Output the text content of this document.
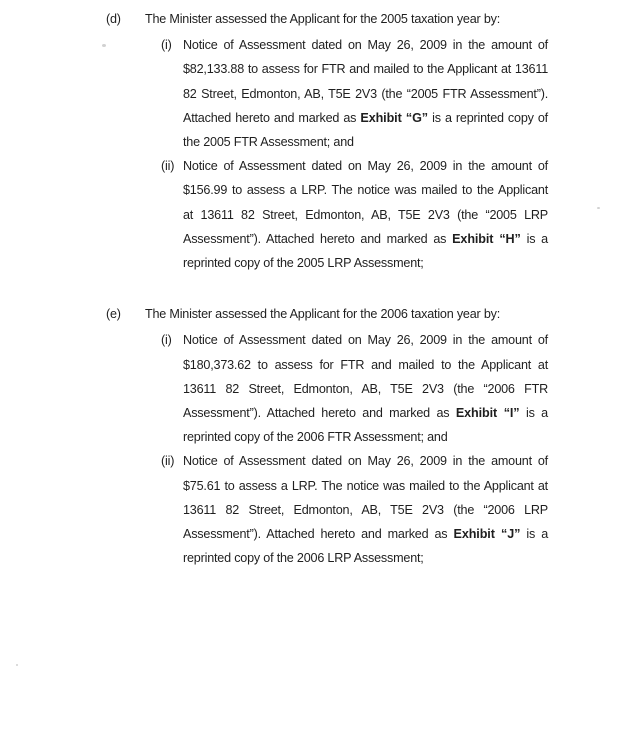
(d)	The Minister assessed the Applicant for the 2005 taxation year by:
(i) Notice of Assessment dated on May 26, 2009 in the amount of
$82,133.88 to assess for FTR and mailed to the Applicant at 13611
82 Street, Edmonton, AB, T5E 2V3 (the “2005 FTR Assessment”).
Attached hereto and marked as Exhibit “G” is a reprinted copy of
the 2005 FTR Assessment; and
(ii) Notice of Assessment dated on May 26, 2009 in the amount of
$156.99 to assess a LRP. The notice was mailed to the Applicant
at 13611 82 Street, Edmonton, AB, T5E 2V3 (the “2005 LRP
Assessment”). Attached hereto and marked as Exhibit “H” is a
reprinted copy of the 2005 LRP Assessment;
(e)	The Minister assessed the Applicant for the 2006 taxation year by:
(i) Notice of Assessment dated on May 26, 2009 in the amount of
$180,373.62 to assess for FTR and mailed to the Applicant at
13611 82 Street, Edmonton, AB, T5E 2V3 (the “2006 FTR
Assessment”). Attached hereto and marked as Exhibit “I” is a
reprinted copy of the 2006 FTR Assessment; and
(ii) Notice of Assessment dated on May 26, 2009 in the amount of
$75.61 to assess a LRP. The notice was mailed to the Applicant at
13611 82 Street, Edmonton, AB, T5E 2V3 (the “2006 LRP
Assessment”). Attached hereto and marked as Exhibit “J” is a
reprinted copy of the 2006 LRP Assessment;
